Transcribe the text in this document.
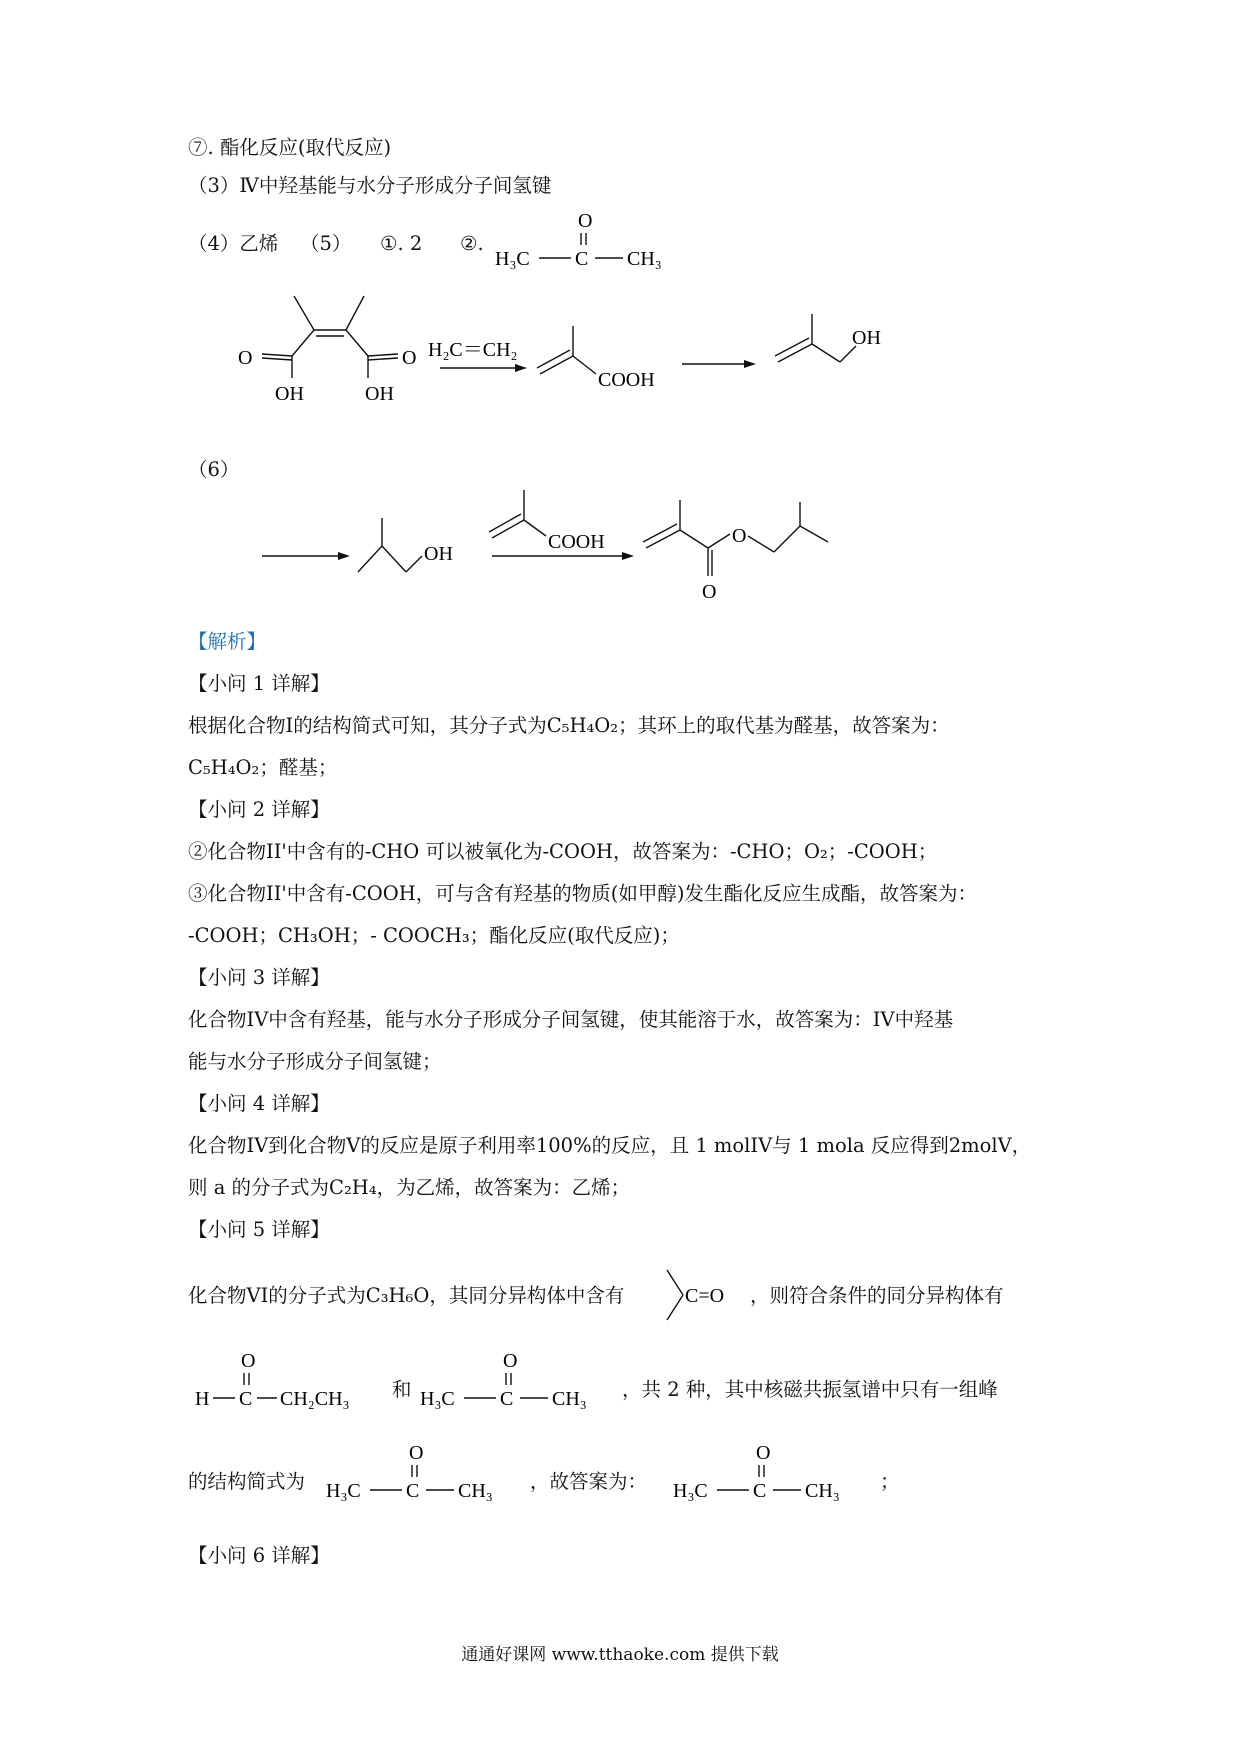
⑦. 酯化反应(取代反应)
（3）Ⅳ中羟基能与水分子形成分子间氢键
（4）乙烯 （5） ①. 2 ②.
O
H₃C C CH₃
O	O
OH	OH
H₂C＝CH₂
COOH
OH
（6）
OH
COOH
O
O
【解析】
【小问 1 详解】
根据化合物I的结构简式可知，其分子式为C₅H₄O₂；其环上的取代基为醛基，故答案为：
C₅H₄O₂；醛基；
【小问 2 详解】
②化合物II'中含有的-CHO 可以被氧化为-COOH，故答案为：-CHO；O₂；-COOH；
③化合物II'中含有-COOH，可与含有羟基的物质(如甲醇)发生酯化反应生成酯，故答案为：
-COOH；CH₃OH；- COOCH₃；酯化反应(取代反应)；
【小问 3 详解】
化合物IV中含有羟基，能与水分子形成分子间氢键，使其能溶于水，故答案为：IV中羟基
能与水分子形成分子间氢键；
【小问 4 详解】
化合物IV到化合物V的反应是原子利用率100%的反应，且 1 molIV与 1 mola 反应得到2molV，
则 a 的分子式为C₂H₄，为乙烯，故答案为：乙烯；
【小问 5 详解】
化合物VI的分子式为C₃H₆O，其同分异构体中含有	C=O ，则符合条件的同分异构体有
O
H C CH₂CH₃ 和
O
H₃C C CH₃ ，共 2 种，其中核磁共振氢谱中只有一组峰
的结构简式为
O
H₃C C CH₃ ，故答案为：
O
H₃C C CH₃ ；
【小问 6 详解】
通通好课网 www.tthaoke.com 提供下载
